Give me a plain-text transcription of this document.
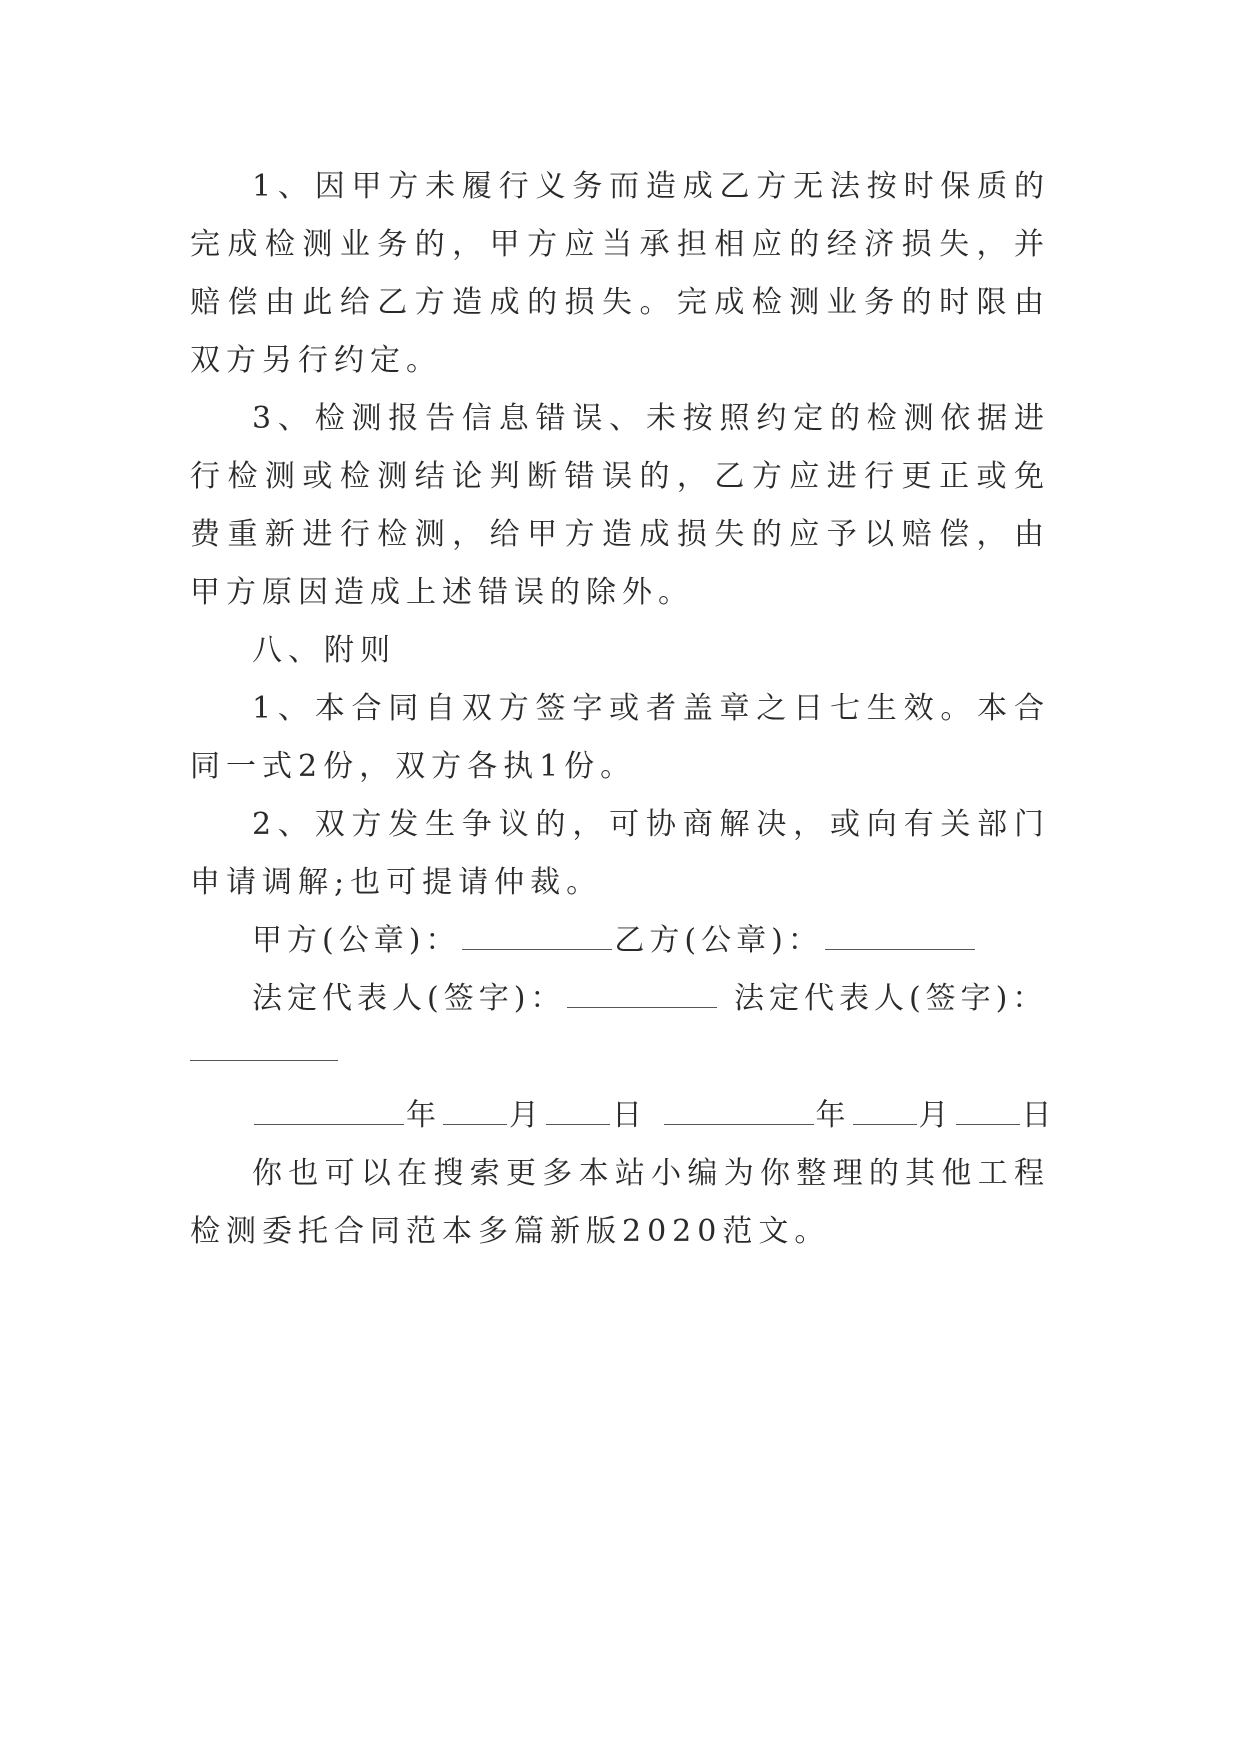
1、因甲方未履行义务而造成乙方无法按时保质的完成检测业务的，甲方应当承担相应的经济损失，并赔偿由此给乙方造成的损失。完成检测业务的时限由双方另行约定。

3、检测报告信息错误、未按照约定的检测依据进行检测或检测结论判断错误的，乙方应进行更正或免费重新进行检测，给甲方造成损失的应予以赔偿，由甲方原因造成上述错误的除外。

八、附则

1、本合同自双方签字或者盖章之日七生效。本合同一式2份，双方各执1份。

2、双方发生争议的，可协商解决，或向有关部门申请调解;也可提请仲裁。

甲方(公章)：	乙方(公章)：

法定代表人(签字)：	法定代表人(签字)：

年 月 日	年 月 日

你也可以在搜索更多本站小编为你整理的其他工程检测委托合同范本多篇新版2020范文。
